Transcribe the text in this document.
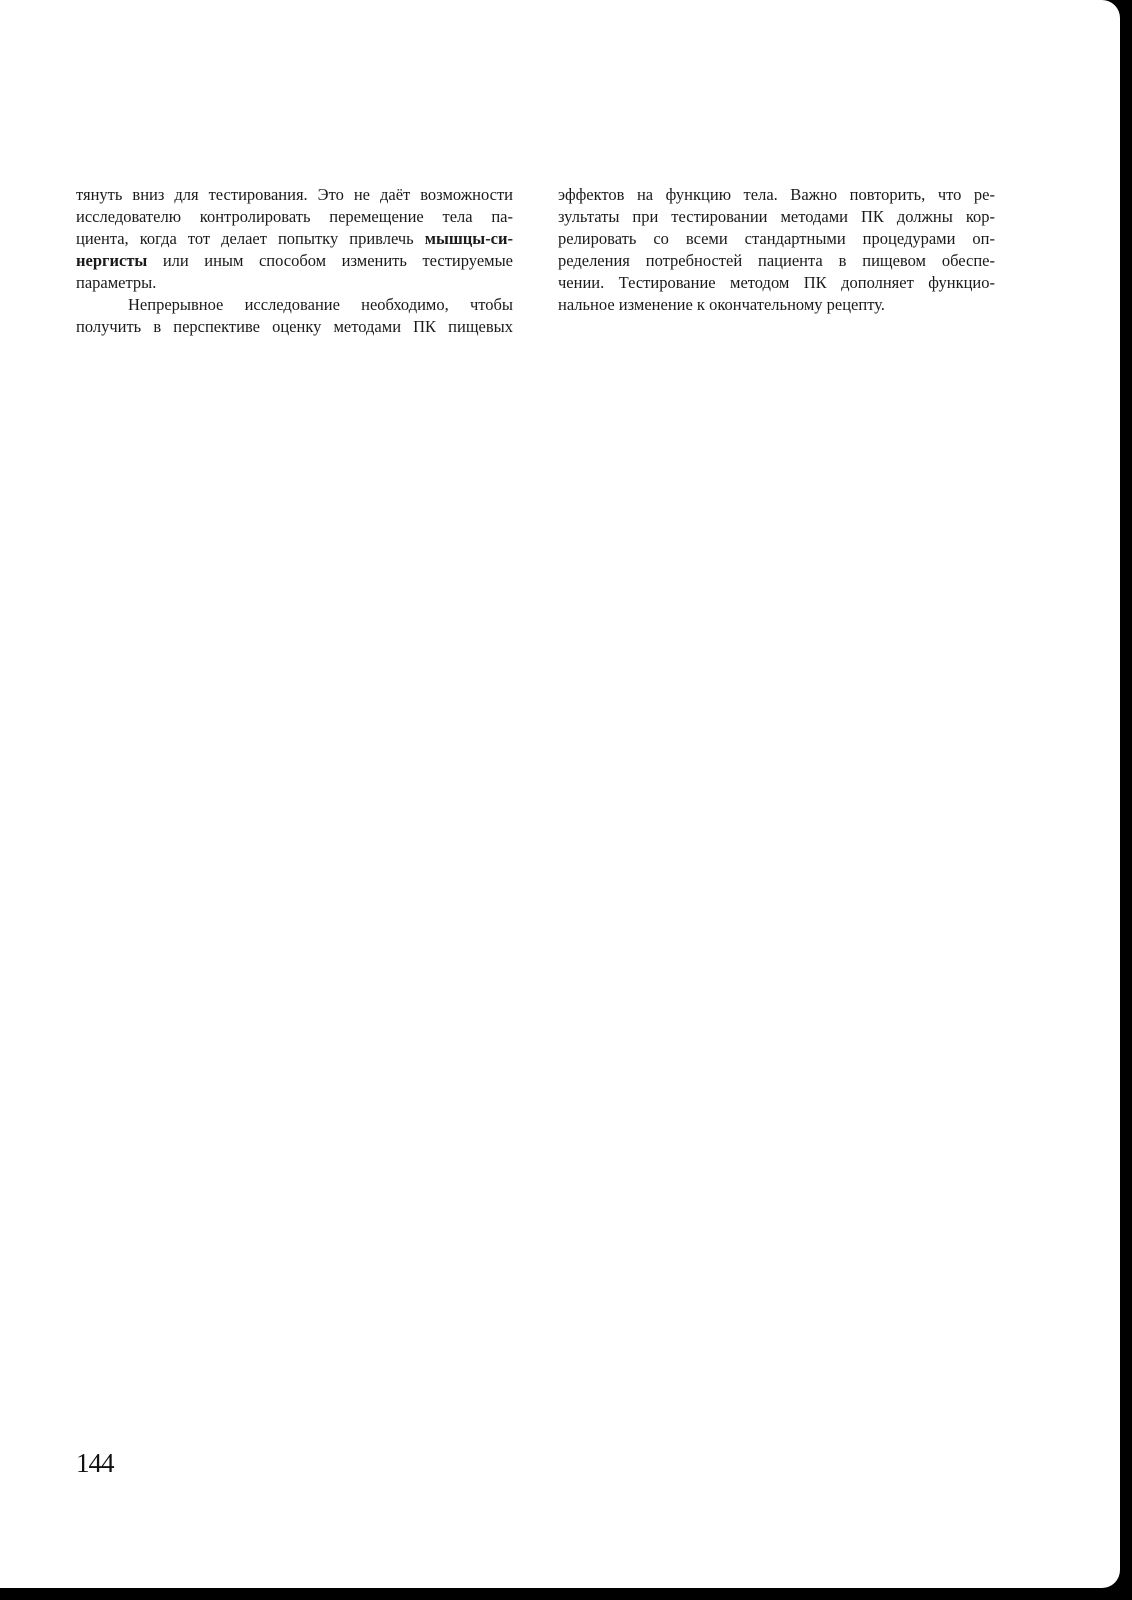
тянуть вниз для тестирования. Это не даёт возможности
исследователю контролировать перемещение тела па-
циента, когда тот делает попытку привлечь мышцы-си-
нергисты или иным способом изменить тестируемые
параметры.
Непрерывное исследование необходимо, чтобы
получить в перспективе оценку методами ПК пищевых
эффектов на функцию тела. Важно повторить, что ре-
зультаты при тестировании методами ПК должны кор-
релировать со всеми стандартными процедурами оп-
ределения потребностей пациента в пищевом обеспе-
чении. Тестирование методом ПК дополняет функцио-
нальное изменение к окончательному рецепту.
144
